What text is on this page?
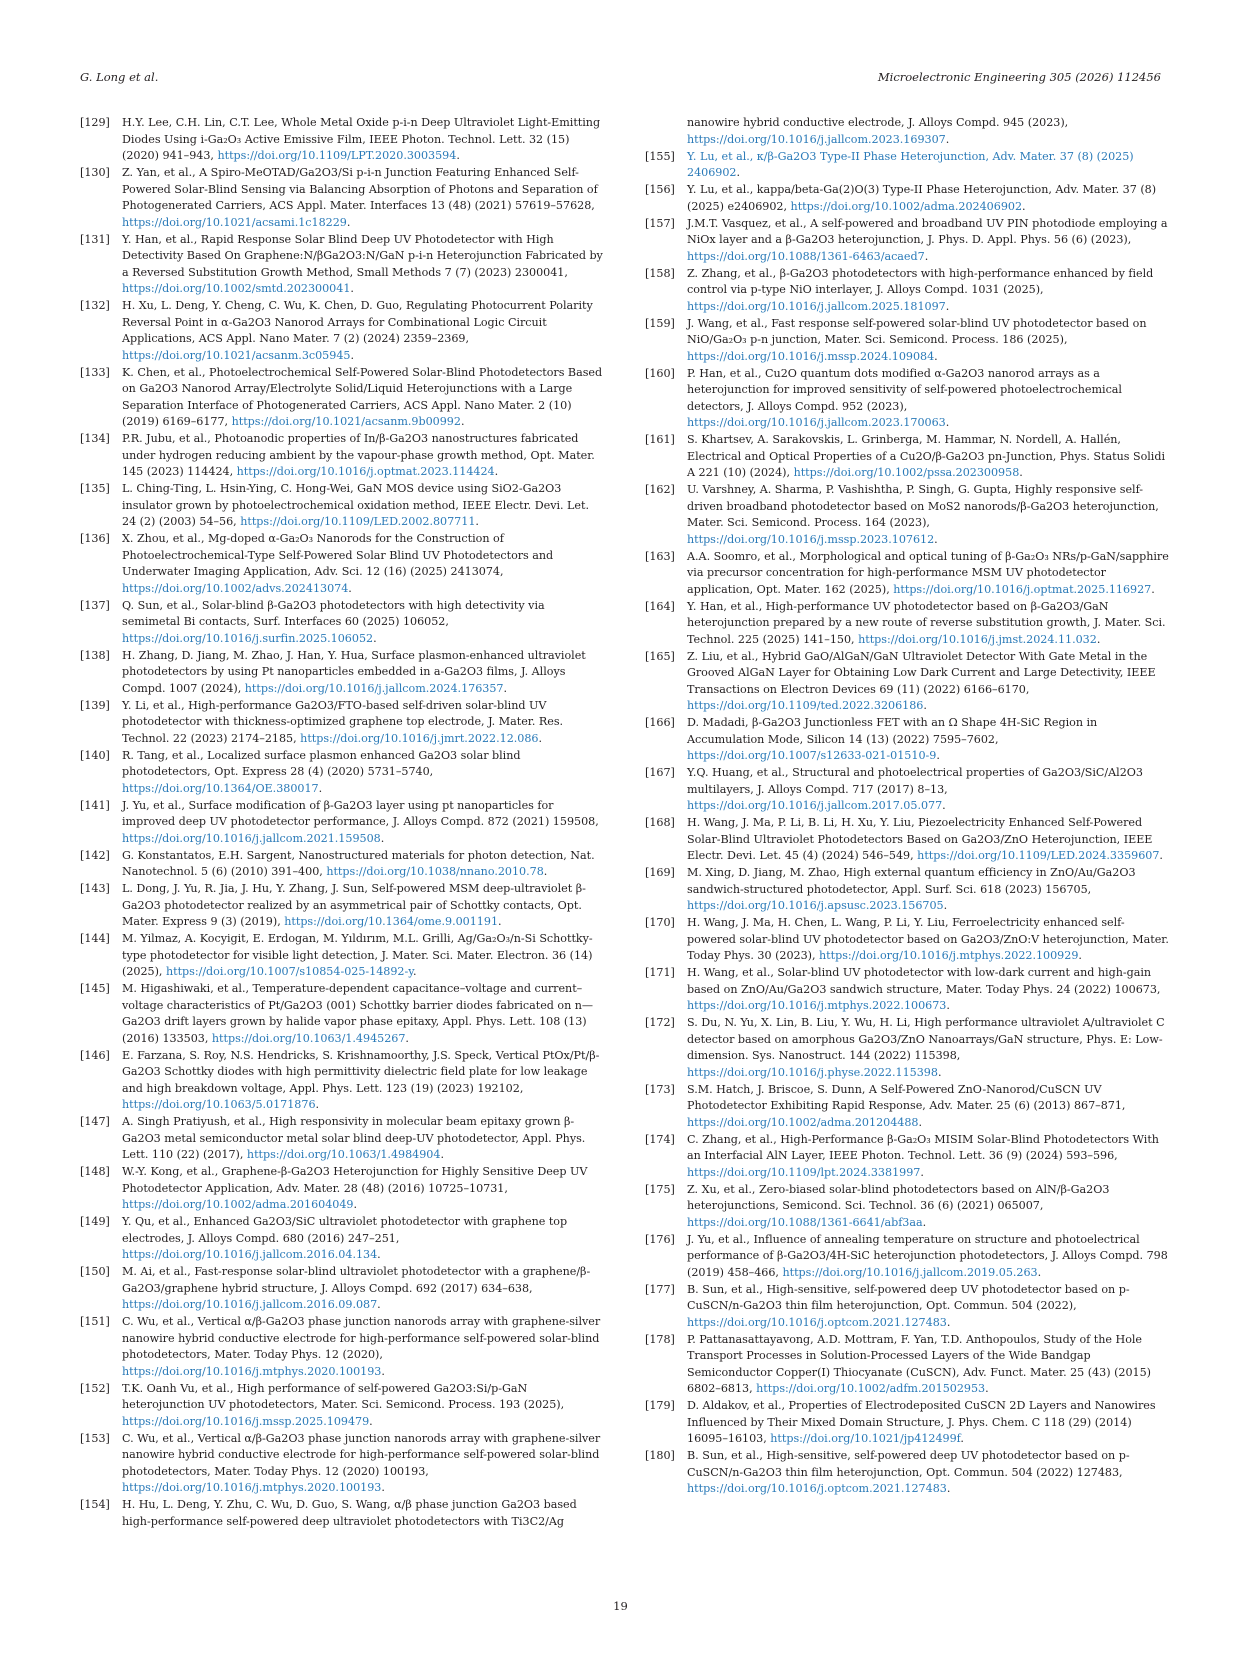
G. Long et al.	Microelectronic Engineering 305 (2026) 112456
[129] H.Y. Lee, C.H. Lin, C.T. Lee, Whole Metal Oxide p-i-n Deep Ultraviolet Light-Emitting Diodes Using i-Ga₂O₃ Active Emissive Film, IEEE Photon. Technol. Lett. 32 (15) (2020) 941–943, https://doi.org/10.1109/LPT.2020.3003594.
[130] Z. Yan, et al., A Spiro-MeOTAD/Ga2O3/Si p-i-n Junction Featuring Enhanced Self-Powered Solar-Blind Sensing via Balancing Absorption of Photons and Separation of Photogenerated Carriers, ACS Appl. Mater. Interfaces 13 (48) (2021) 57619–57628, https://doi.org/10.1021/acsami.1c18229.
[131] Y. Han, et al., Rapid Response Solar Blind Deep UV Photodetector with High Detectivity Based On Graphene:N/βGa2O3:N/GaN p-i-n Heterojunction Fabricated by a Reversed Substitution Growth Method, Small Methods 7 (7) (2023) 2300041, https://doi.org/10.1002/smtd.202300041.
[132] H. Xu, L. Deng, Y. Cheng, C. Wu, K. Chen, D. Guo, Regulating Photocurrent Polarity Reversal Point in α-Ga2O3 Nanorod Arrays for Combinational Logic Circuit Applications, ACS Appl. Nano Mater. 7 (2) (2024) 2359–2369, https://doi.org/10.1021/acsanm.3c05945.
[133] K. Chen, et al., Photoelectrochemical Self-Powered Solar-Blind Photodetectors Based on Ga2O3 Nanorod Array/Electrolyte Solid/Liquid Heterojunctions with a Large Separation Interface of Photogenerated Carriers, ACS Appl. Nano Mater. 2 (10) (2019) 6169–6177, https://doi.org/10.1021/acsanm.9b00992.
[134] P.R. Jubu, et al., Photoanodic properties of In/β-Ga2O3 nanostructures fabricated under hydrogen reducing ambient by the vapour-phase growth method, Opt. Mater. 145 (2023) 114424, https://doi.org/10.1016/j.optmat.2023.114424.
[135] L. Ching-Ting, L. Hsin-Ying, C. Hong-Wei, GaN MOS device using SiO2-Ga2O3 insulator grown by photoelectrochemical oxidation method, IEEE Electr. Devi. Let. 24 (2) (2003) 54–56, https://doi.org/10.1109/LED.2002.807711.
[136] X. Zhou, et al., Mg-doped α-Ga₂O₃ Nanorods for the Construction of Photoelectrochemical-Type Self-Powered Solar Blind UV Photodetectors and Underwater Imaging Application, Adv. Sci. 12 (16) (2025) 2413074, https://doi.org/10.1002/advs.202413074.
[137] Q. Sun, et al., Solar-blind β-Ga2O3 photodetectors with high detectivity via semimetal Bi contacts, Surf. Interfaces 60 (2025) 106052, https://doi.org/10.1016/j.surfin.2025.106052.
[138] H. Zhang, D. Jiang, M. Zhao, J. Han, Y. Hua, Surface plasmon-enhanced ultraviolet photodetectors by using Pt nanoparticles embedded in a-Ga2O3 films, J. Alloys Compd. 1007 (2024), https://doi.org/10.1016/j.jallcom.2024.176357.
[139] Y. Li, et al., High-performance Ga2O3/FTO-based self-driven solar-blind UV photodetector with thickness-optimized graphene top electrode, J. Mater. Res. Technol. 22 (2023) 2174–2185, https://doi.org/10.1016/j.jmrt.2022.12.086.
[140] R. Tang, et al., Localized surface plasmon enhanced Ga2O3 solar blind photodetectors, Opt. Express 28 (4) (2020) 5731–5740, https://doi.org/10.1364/OE.380017.
[141] J. Yu, et al., Surface modification of β-Ga2O3 layer using pt nanoparticles for improved deep UV photodetector performance, J. Alloys Compd. 872 (2021) 159508, https://doi.org/10.1016/j.jallcom.2021.159508.
[142] G. Konstantatos, E.H. Sargent, Nanostructured materials for photon detection, Nat. Nanotechnol. 5 (6) (2010) 391–400, https://doi.org/10.1038/nnano.2010.78.
[143] L. Dong, J. Yu, R. Jia, J. Hu, Y. Zhang, J. Sun, Self-powered MSM deep-ultraviolet β-Ga2O3 photodetector realized by an asymmetrical pair of Schottky contacts, Opt. Mater. Express 9 (3) (2019), https://doi.org/10.1364/ome.9.001191.
[144] M. Yilmaz, A. Kocyigit, E. Erdogan, M. Yıldırım, M.L. Grilli, Ag/Ga₂O₃/n-Si Schottky-type photodetector for visible light detection, J. Mater. Sci. Mater. Electron. 36 (14) (2025), https://doi.org/10.1007/s10854-025-14892-y.
[145] M. Higashiwaki, et al., Temperature-dependent capacitance–voltage and current–voltage characteristics of Pt/Ga2O3 (001) Schottky barrier diodes fabricated on n—Ga2O3 drift layers grown by halide vapor phase epitaxy, Appl. Phys. Lett. 108 (13) (2016) 133503, https://doi.org/10.1063/1.4945267.
[146] E. Farzana, S. Roy, N.S. Hendricks, S. Krishnamoorthy, J.S. Speck, Vertical PtOx/Pt/β-Ga2O3 Schottky diodes with high permittivity dielectric field plate for low leakage and high breakdown voltage, Appl. Phys. Lett. 123 (19) (2023) 192102, https://doi.org/10.1063/5.0171876.
[147] A. Singh Pratiyush, et al., High responsivity in molecular beam epitaxy grown β-Ga2O3 metal semiconductor metal solar blind deep-UV photodetector, Appl. Phys. Lett. 110 (22) (2017), https://doi.org/10.1063/1.4984904.
[148] W.-Y. Kong, et al., Graphene-β-Ga2O3 Heterojunction for Highly Sensitive Deep UV Photodetector Application, Adv. Mater. 28 (48) (2016) 10725–10731, https://doi.org/10.1002/adma.201604049.
[149] Y. Qu, et al., Enhanced Ga2O3/SiC ultraviolet photodetector with graphene top electrodes, J. Alloys Compd. 680 (2016) 247–251, https://doi.org/10.1016/j.jallcom.2016.04.134.
[150] M. Ai, et al., Fast-response solar-blind ultraviolet photodetector with a graphene/β-Ga2O3/graphene hybrid structure, J. Alloys Compd. 692 (2017) 634–638, https://doi.org/10.1016/j.jallcom.2016.09.087.
[151] C. Wu, et al., Vertical α/β-Ga2O3 phase junction nanorods array with graphene-silver nanowire hybrid conductive electrode for high-performance self-powered solar-blind photodetectors, Mater. Today Phys. 12 (2020), https://doi.org/10.1016/j.mtphys.2020.100193.
[152] T.K. Oanh Vu, et al., High performance of self-powered Ga2O3:Si/p-GaN heterojunction UV photodetectors, Mater. Sci. Semicond. Process. 193 (2025), https://doi.org/10.1016/j.mssp.2025.109479.
[153] C. Wu, et al., Vertical α/β-Ga2O3 phase junction nanorods array with graphene-silver nanowire hybrid conductive electrode for high-performance self-powered solar-blind photodetectors, Mater. Today Phys. 12 (2020) 100193, https://doi.org/10.1016/j.mtphys.2020.100193.
[154] H. Hu, L. Deng, Y. Zhu, C. Wu, D. Guo, S. Wang, α/β phase junction Ga2O3 based high-performance self-powered deep ultraviolet photodetectors with Ti3C2/Ag
nanowire hybrid conductive electrode, J. Alloys Compd. 945 (2023), https://doi.org/10.1016/j.jallcom.2023.169307.
[155] Y. Lu, et al., κ/β-Ga2O3 Type-II Phase Heterojunction, Adv. Mater. 37 (8) (2025) 2406902.
[156] Y. Lu, et al., kappa/beta-Ga(2)O(3) Type-II Phase Heterojunction, Adv. Mater. 37 (8) (2025) e2406902, https://doi.org/10.1002/adma.202406902.
[157] J.M.T. Vasquez, et al., A self-powered and broadband UV PIN photodiode employing a NiOx layer and a β-Ga2O3 heterojunction, J. Phys. D. Appl. Phys. 56 (6) (2023), https://doi.org/10.1088/1361-6463/acaed7.
[158] Z. Zhang, et al., β-Ga2O3 photodetectors with high-performance enhanced by field control via p-type NiO interlayer, J. Alloys Compd. 1031 (2025), https://doi.org/10.1016/j.jallcom.2025.181097.
[159] J. Wang, et al., Fast response self-powered solar-blind UV photodetector based on NiO/Ga₂O₃ p-n junction, Mater. Sci. Semicond. Process. 186 (2025), https://doi.org/10.1016/j.mssp.2024.109084.
[160] P. Han, et al., Cu2O quantum dots modified α-Ga2O3 nanorod arrays as a heterojunction for improved sensitivity of self-powered photoelectrochemical detectors, J. Alloys Compd. 952 (2023), https://doi.org/10.1016/j.jallcom.2023.170063.
[161] S. Khartsev, A. Sarakovskis, L. Grinberga, M. Hammar, N. Nordell, A. Hallén, Electrical and Optical Properties of a Cu2O/β-Ga2O3 pn-Junction, Phys. Status Solidi A 221 (10) (2024), https://doi.org/10.1002/pssa.202300958.
[162] U. Varshney, A. Sharma, P. Vashishtha, P. Singh, G. Gupta, Highly responsive self-driven broadband photodetector based on MoS2 nanorods/β-Ga2O3 heterojunction, Mater. Sci. Semicond. Process. 164 (2023), https://doi.org/10.1016/j.mssp.2023.107612.
[163] A.A. Soomro, et al., Morphological and optical tuning of β-Ga₂O₃ NRs/p-GaN/sapphire via precursor concentration for high-performance MSM UV photodetector application, Opt. Mater. 162 (2025), https://doi.org/10.1016/j.optmat.2025.116927.
[164] Y. Han, et al., High-performance UV photodetector based on β-Ga2O3/GaN heterojunction prepared by a new route of reverse substitution growth, J. Mater. Sci. Technol. 225 (2025) 141–150, https://doi.org/10.1016/j.jmst.2024.11.032.
[165] Z. Liu, et al., Hybrid GaO/AlGaN/GaN Ultraviolet Detector With Gate Metal in the Grooved AlGaN Layer for Obtaining Low Dark Current and Large Detectivity, IEEE Transactions on Electron Devices 69 (11) (2022) 6166–6170, https://doi.org/10.1109/ted.2022.3206186.
[166] D. Madadi, β-Ga2O3 Junctionless FET with an Ω Shape 4H-SiC Region in Accumulation Mode, Silicon 14 (13) (2022) 7595–7602, https://doi.org/10.1007/s12633-021-01510-9.
[167] Y.Q. Huang, et al., Structural and photoelectrical properties of Ga2O3/SiC/Al2O3 multilayers, J. Alloys Compd. 717 (2017) 8–13, https://doi.org/10.1016/j.jallcom.2017.05.077.
[168] H. Wang, J. Ma, P. Li, B. Li, H. Xu, Y. Liu, Piezoelectricity Enhanced Self-Powered Solar-Blind Ultraviolet Photodetectors Based on Ga2O3/ZnO Heterojunction, IEEE Electr. Devi. Let. 45 (4) (2024) 546–549, https://doi.org/10.1109/LED.2024.3359607.
[169] M. Xing, D. Jiang, M. Zhao, High external quantum efficiency in ZnO/Au/Ga2O3 sandwich-structured photodetector, Appl. Surf. Sci. 618 (2023) 156705, https://doi.org/10.1016/j.apsusc.2023.156705.
[170] H. Wang, J. Ma, H. Chen, L. Wang, P. Li, Y. Liu, Ferroelectricity enhanced self-powered solar-blind UV photodetector based on Ga2O3/ZnO:V heterojunction, Mater. Today Phys. 30 (2023), https://doi.org/10.1016/j.mtphys.2022.100929.
[171] H. Wang, et al., Solar-blind UV photodetector with low-dark current and high-gain based on ZnO/Au/Ga2O3 sandwich structure, Mater. Today Phys. 24 (2022) 100673, https://doi.org/10.1016/j.mtphys.2022.100673.
[172] S. Du, N. Yu, X. Lin, B. Liu, Y. Wu, H. Li, High performance ultraviolet A/ultraviolet C detector based on amorphous Ga2O3/ZnO Nanoarrays/GaN structure, Phys. E: Low-dimension. Sys. Nanostruct. 144 (2022) 115398, https://doi.org/10.1016/j.physe.2022.115398.
[173] S.M. Hatch, J. Briscoe, S. Dunn, A Self-Powered ZnO-Nanorod/CuSCN UV Photodetector Exhibiting Rapid Response, Adv. Mater. 25 (6) (2013) 867–871, https://doi.org/10.1002/adma.201204488.
[174] C. Zhang, et al., High-Performance β-Ga₂O₃ MISIM Solar-Blind Photodetectors With an Interfacial AlN Layer, IEEE Photon. Technol. Lett. 36 (9) (2024) 593–596, https://doi.org/10.1109/lpt.2024.3381997.
[175] Z. Xu, et al., Zero-biased solar-blind photodetectors based on AlN/β-Ga2O3 heterojunctions, Semicond. Sci. Technol. 36 (6) (2021) 065007, https://doi.org/10.1088/1361-6641/abf3aa.
[176] J. Yu, et al., Influence of annealing temperature on structure and photoelectrical performance of β-Ga2O3/4H-SiC heterojunction photodetectors, J. Alloys Compd. 798 (2019) 458–466, https://doi.org/10.1016/j.jallcom.2019.05.263.
[177] B. Sun, et al., High-sensitive, self-powered deep UV photodetector based on p-CuSCN/n-Ga2O3 thin film heterojunction, Opt. Commun. 504 (2022), https://doi.org/10.1016/j.optcom.2021.127483.
[178] P. Pattanasattayavong, A.D. Mottram, F. Yan, T.D. Anthopoulos, Study of the Hole Transport Processes in Solution-Processed Layers of the Wide Bandgap Semiconductor Copper(I) Thiocyanate (CuSCN), Adv. Funct. Mater. 25 (43) (2015) 6802–6813, https://doi.org/10.1002/adfm.201502953.
[179] D. Aldakov, et al., Properties of Electrodeposited CuSCN 2D Layers and Nanowires Influenced by Their Mixed Domain Structure, J. Phys. Chem. C 118 (29) (2014) 16095–16103, https://doi.org/10.1021/jp412499f.
[180] B. Sun, et al., High-sensitive, self-powered deep UV photodetector based on p-CuSCN/n-Ga2O3 thin film heterojunction, Opt. Commun. 504 (2022) 127483, https://doi.org/10.1016/j.optcom.2021.127483.
19
